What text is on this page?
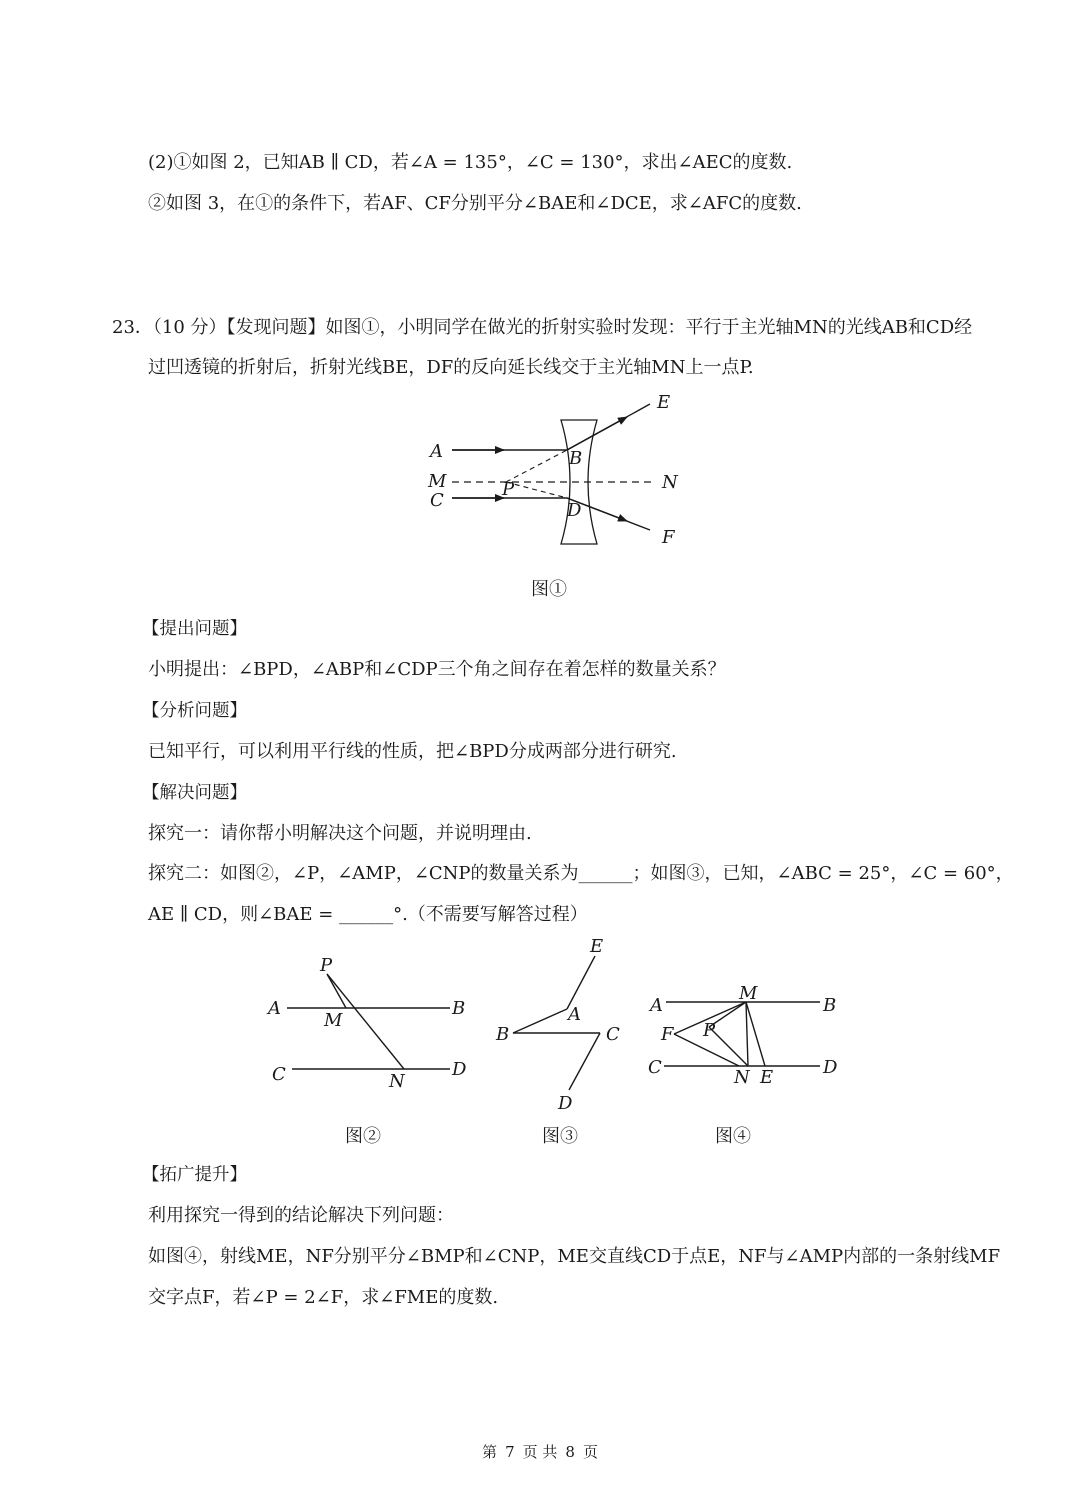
(2)①如图 2，已知AB ∥ CD，若∠A = 135°，∠C = 130°，求出∠AEC的度数.
②如图 3，在①的条件下，若AF、CF分别平分∠BAE和∠DCE，求∠AFC的度数.
23．（10 分）【发现问题】如图①，小明同学在做光的折射实验时发现：平行于主光轴MN的光线AB和CD经
过凹透镜的折射后，折射光线BE，DF的反向延长线交于主光轴MN上一点P.
A
M
C
B
P
D
E
N
F
图①
【提出问题】
小明提出：∠BPD，∠ABP和∠CDP三个角之间存在着怎样的数量关系？
【分析问题】
已知平行，可以利用平行线的性质，把∠BPD分成两部分进行研究.
【解决问题】
探究一：请你帮小明解决这个问题，并说明理由.
探究二：如图②，∠P，∠AMP，∠CNP的数量关系为______；如图③，已知，∠ABC = 25°，∠C = 60°，
AE ∥ CD，则∠BAE = ______°.（不需要写解答过程）
P
A
M
B
C	N
D
图②
E
A
B	C
D
图③
A
M
B
F P
C	N E	D
图④
【拓广提升】
利用探究一得到的结论解决下列问题：
如图④，射线ME，NF分别平分∠BMP和∠CNP，ME交直线CD于点E，NF与∠AMP内部的一条射线MF
交字点F，若∠P = 2∠F，求∠FME的度数.
第 7 页 共 8 页
